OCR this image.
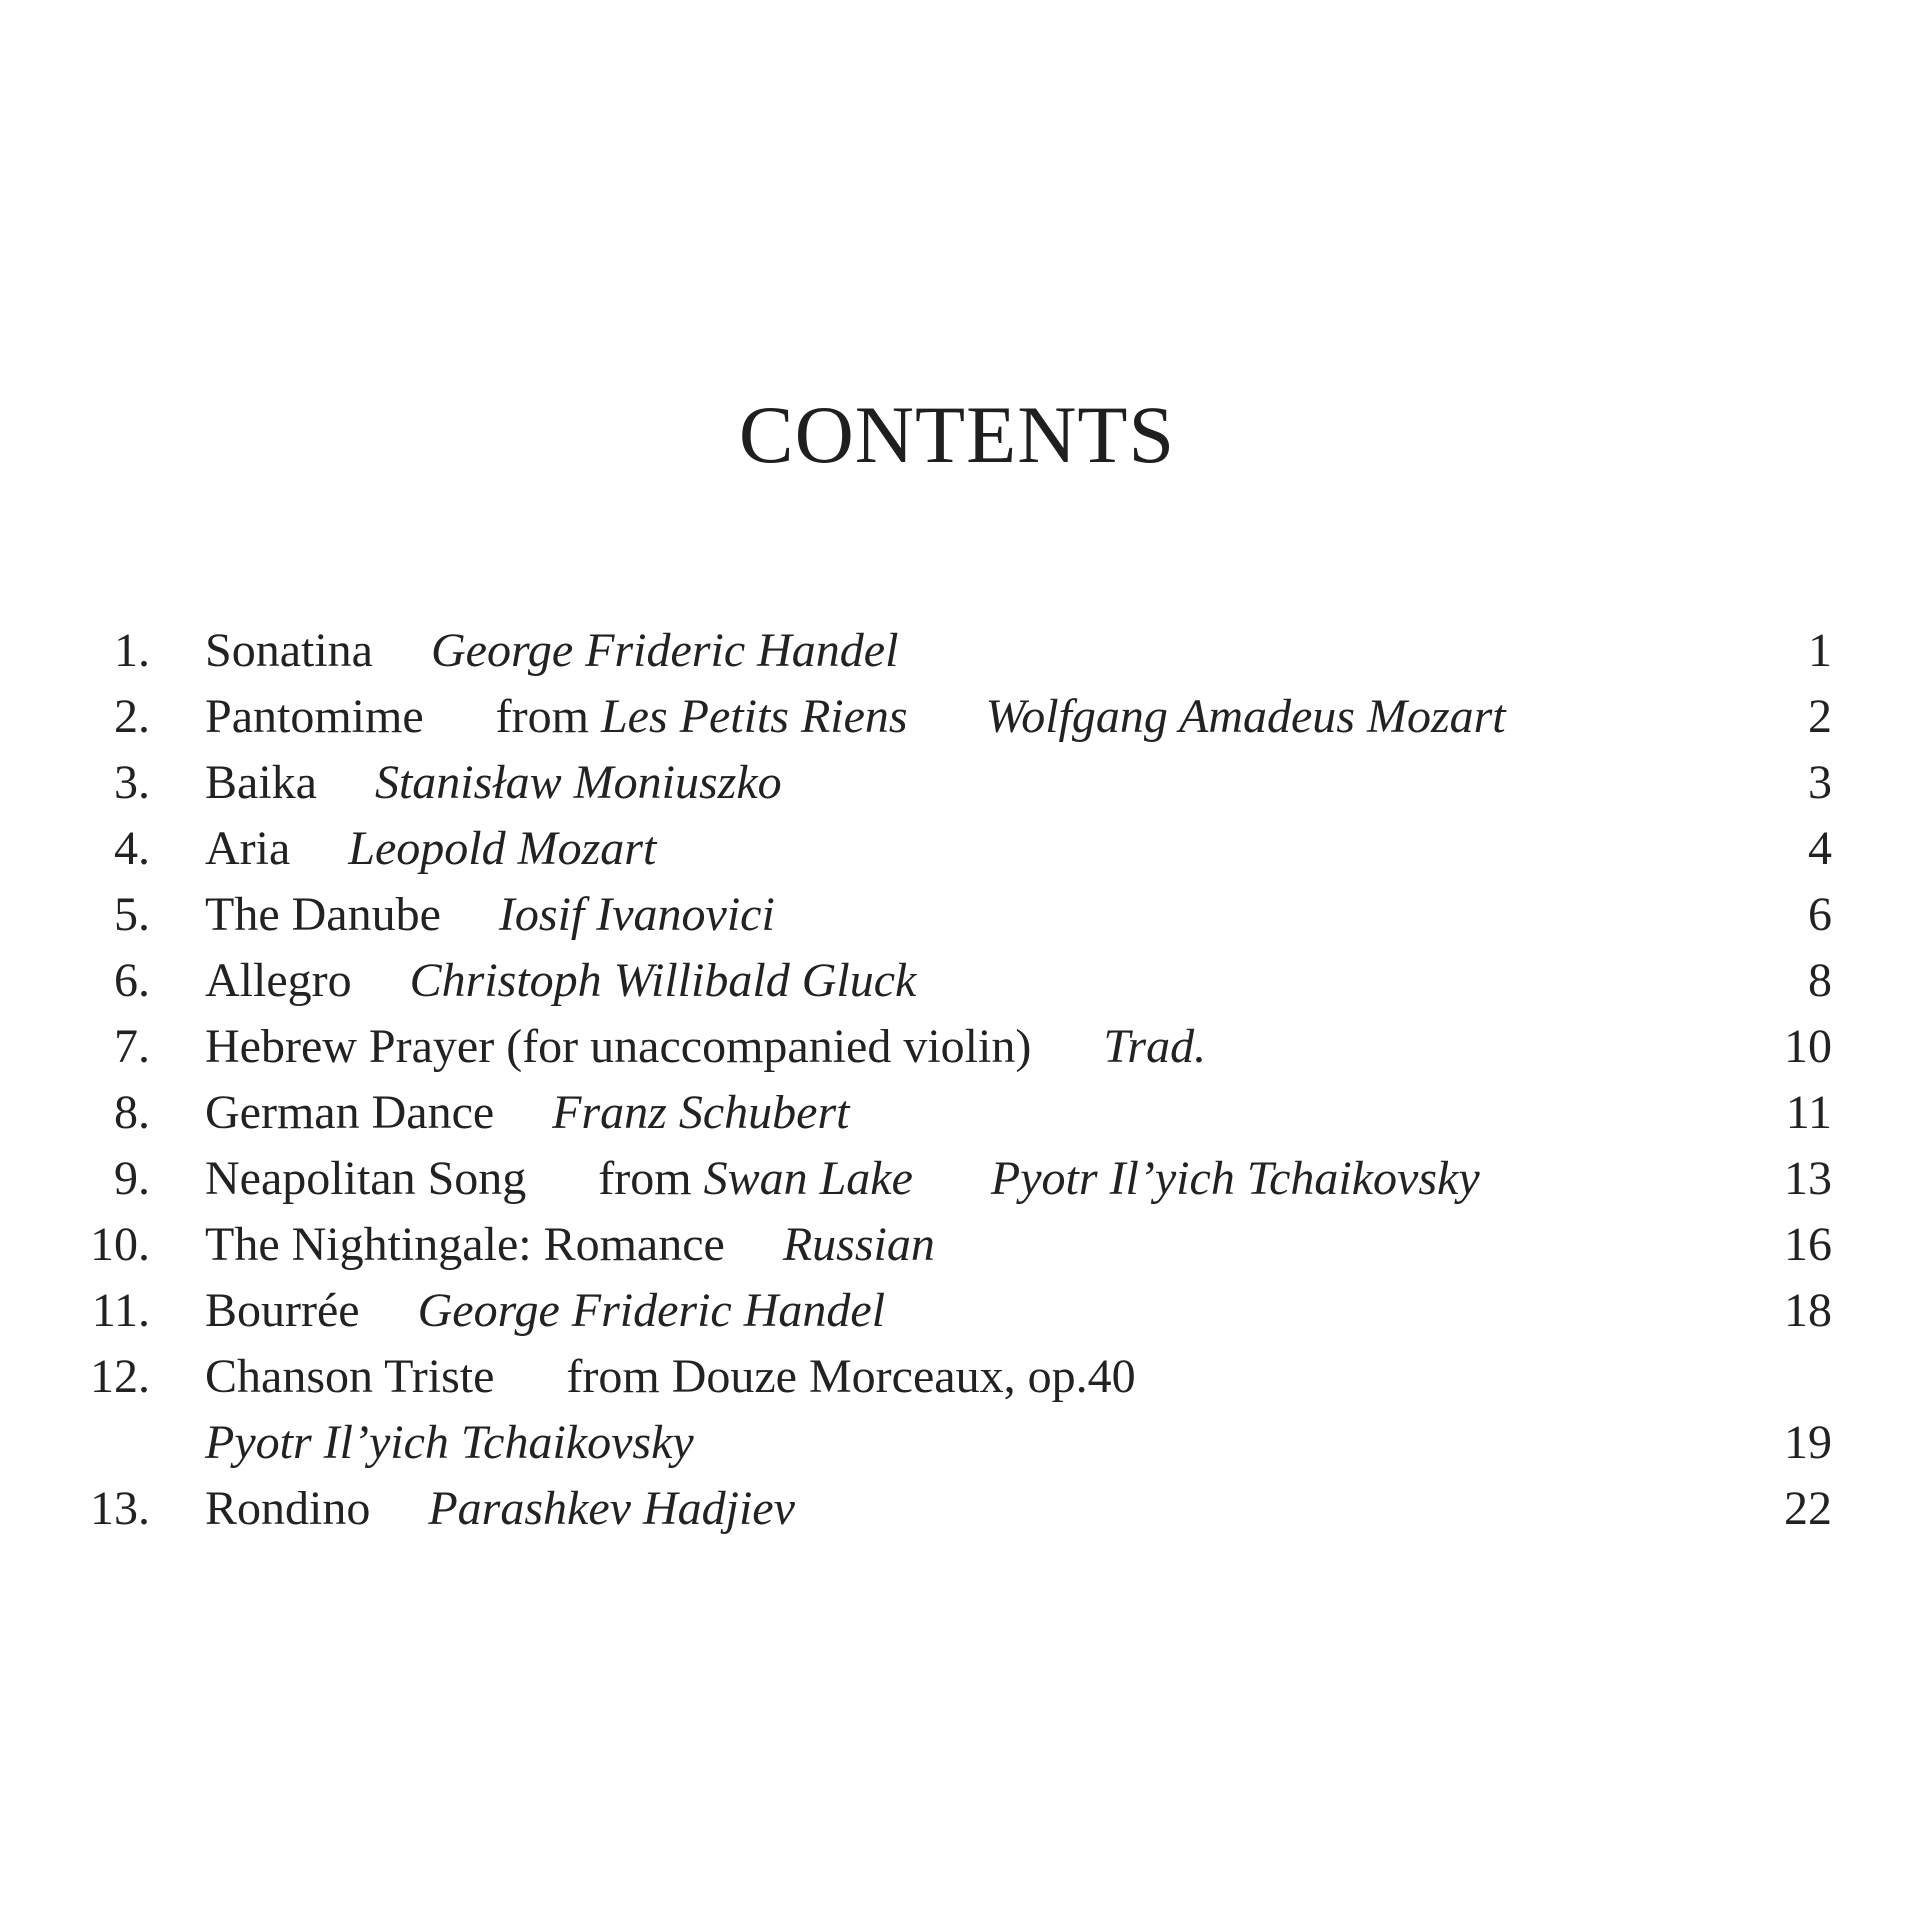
CONTENTS
1. Sonatina George Frideric Handel	1
2. Pantomime from Les Petits Riens Wolfgang Amadeus Mozart	2
3. Baika Stanisław Moniuszko	3
4. Aria Leopold Mozart	4
5. The Danube Iosif Ivanovici	6
6. Allegro Christoph Willibald Gluck	8
7. Hebrew Prayer (for unaccompanied violin) Trad.	10
8. German Dance Franz Schubert	11
9. Neapolitan Song from Swan Lake Pyotr Il’yich Tchaikovsky	13
10. The Nightingale: Romance Russian	16
11. Bourrée George Frideric Handel	18
12. Chanson Triste from Douze Morceaux, op.40
Pyotr Il’yich Tchaikovsky	19
13. Rondino Parashkev Hadjiev	22
